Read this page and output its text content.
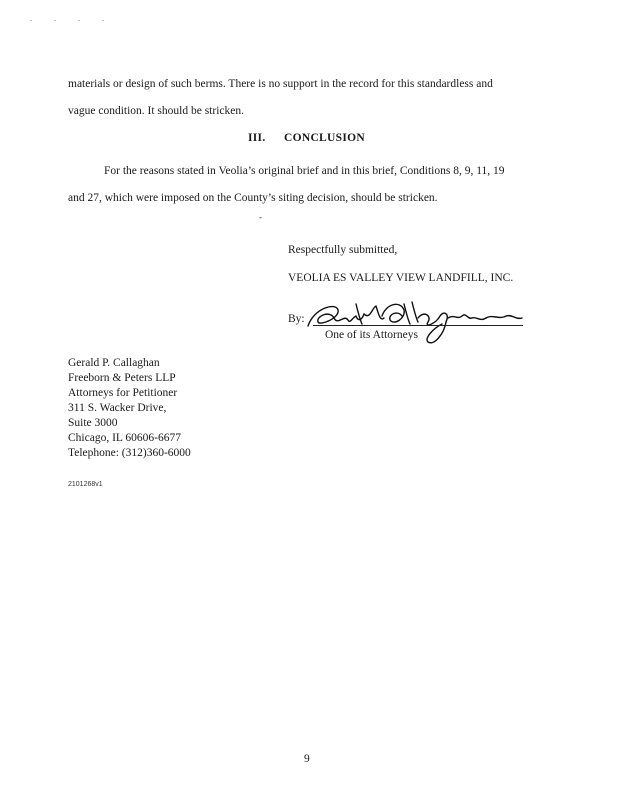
. . . .
materials or design of such berms. There is no support in the record for this standardless and
vague condition. It should be stricken.
III. CONCLUSION
For the reasons stated in Veolia’s original brief and in this brief, Conditions 8, 9, 11, 19
and 27, which were imposed on the County’s siting decision, should be stricken.
-
Respectfully submitted,
VEOLIA ES VALLEY VIEW LANDFILL, INC.
By:
One of its Attorneys
Gerald P. Callaghan
Freeborn & Peters LLP
Attorneys for Petitioner
311 S. Wacker Drive,
Suite 3000
Chicago, IL 60606-6677
Telephone: (312)360-6000
2101268v1
9
